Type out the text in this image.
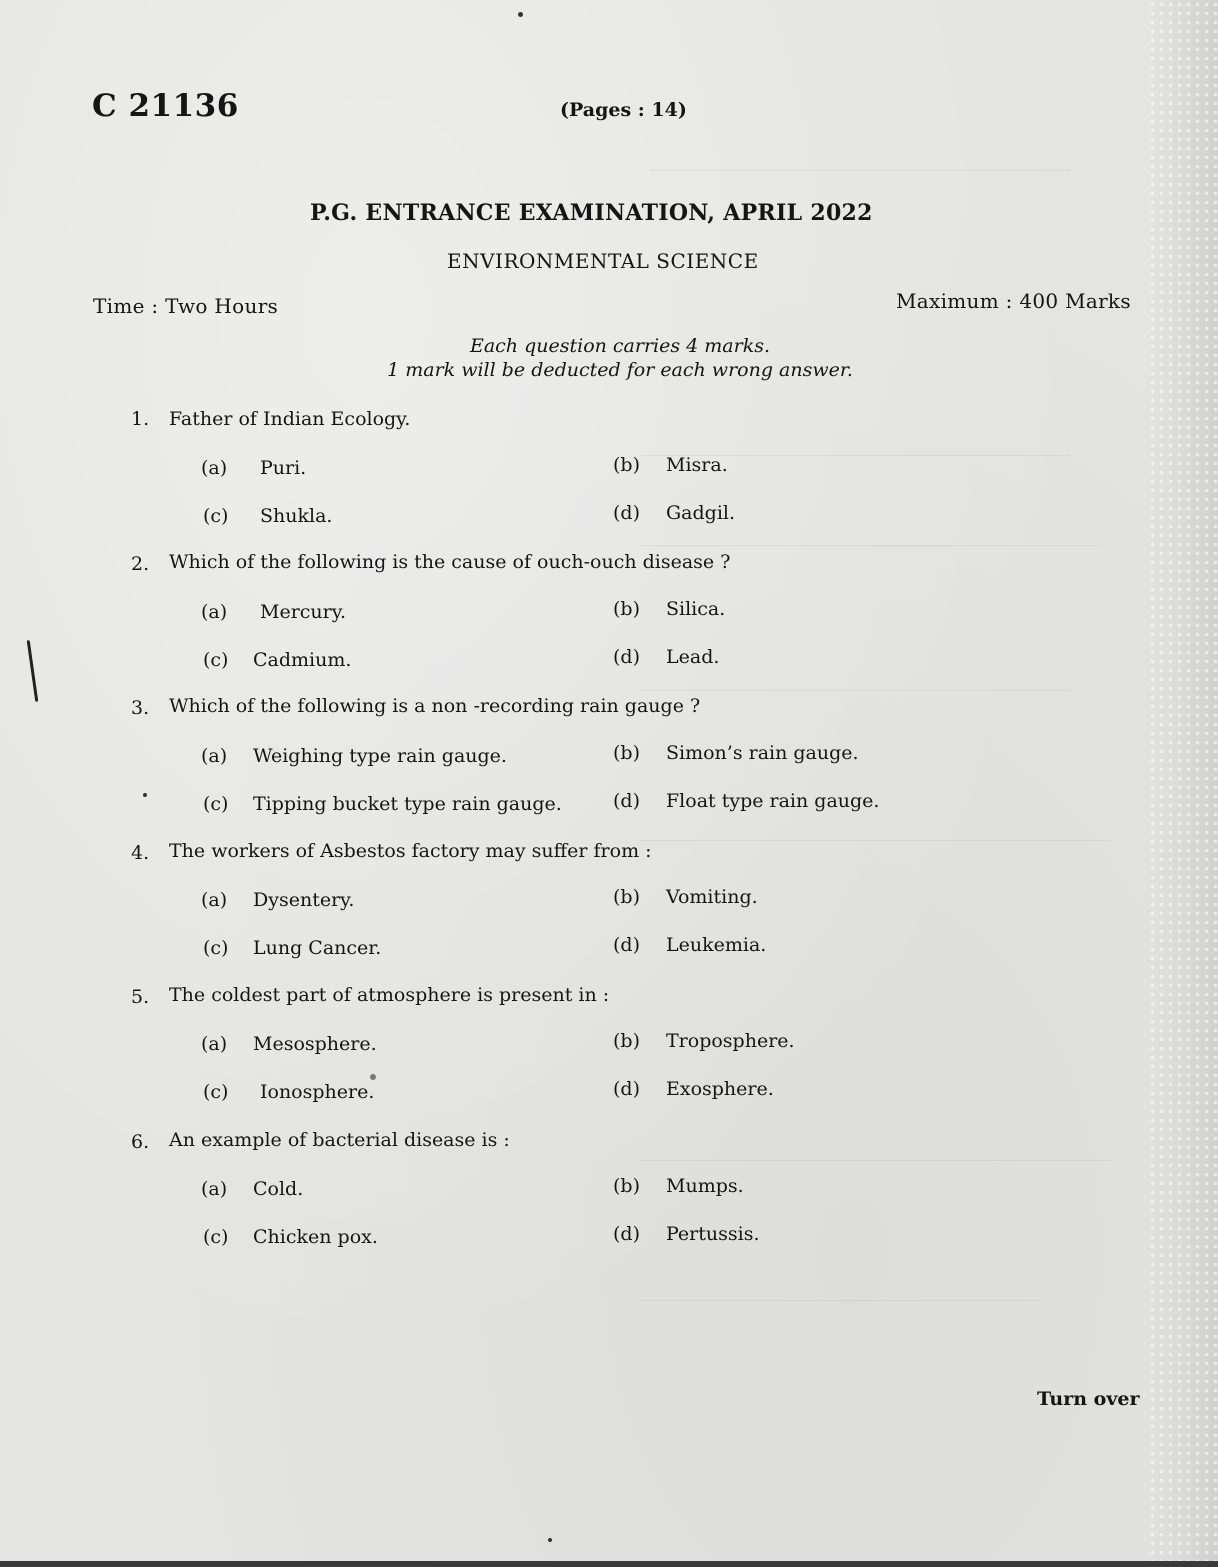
C 21136	(Pages : 14)
P.G. ENTRANCE EXAMINATION, APRIL 2022
ENVIRONMENTAL SCIENCE
Time : Two Hours	Maximum : 400 Marks
Each question carries 4 marks.
1 mark will be deducted for each wrong answer.
1. Father of Indian Ecology.
(a) Puri.	(b) Misra.
(c) Shukla.	(d) Gadgil.
2. Which of the following is the cause of ouch-ouch disease ?
(a) Mercury.	(b) Silica.
(c) Cadmium.	(d) Lead.
3. Which of the following is a non -recording rain gauge ?
(a) Weighing type rain gauge.	(b) Simon’s rain gauge.
(c) Tipping bucket type rain gauge.	(d) Float type rain gauge.
4. The workers of Asbestos factory may suffer from :
(a) Dysentery.	(b) Vomiting.
(c) Lung Cancer.	(d) Leukemia.
5. The coldest part of atmosphere is present in :
(a) Mesosphere.	(b) Troposphere.
(c) Ionosphere.	(d) Exosphere.
6. An example of bacterial disease is :
(a) Cold.	(b) Mumps.
(c) Chicken pox.	(d) Pertussis.
Turn over
